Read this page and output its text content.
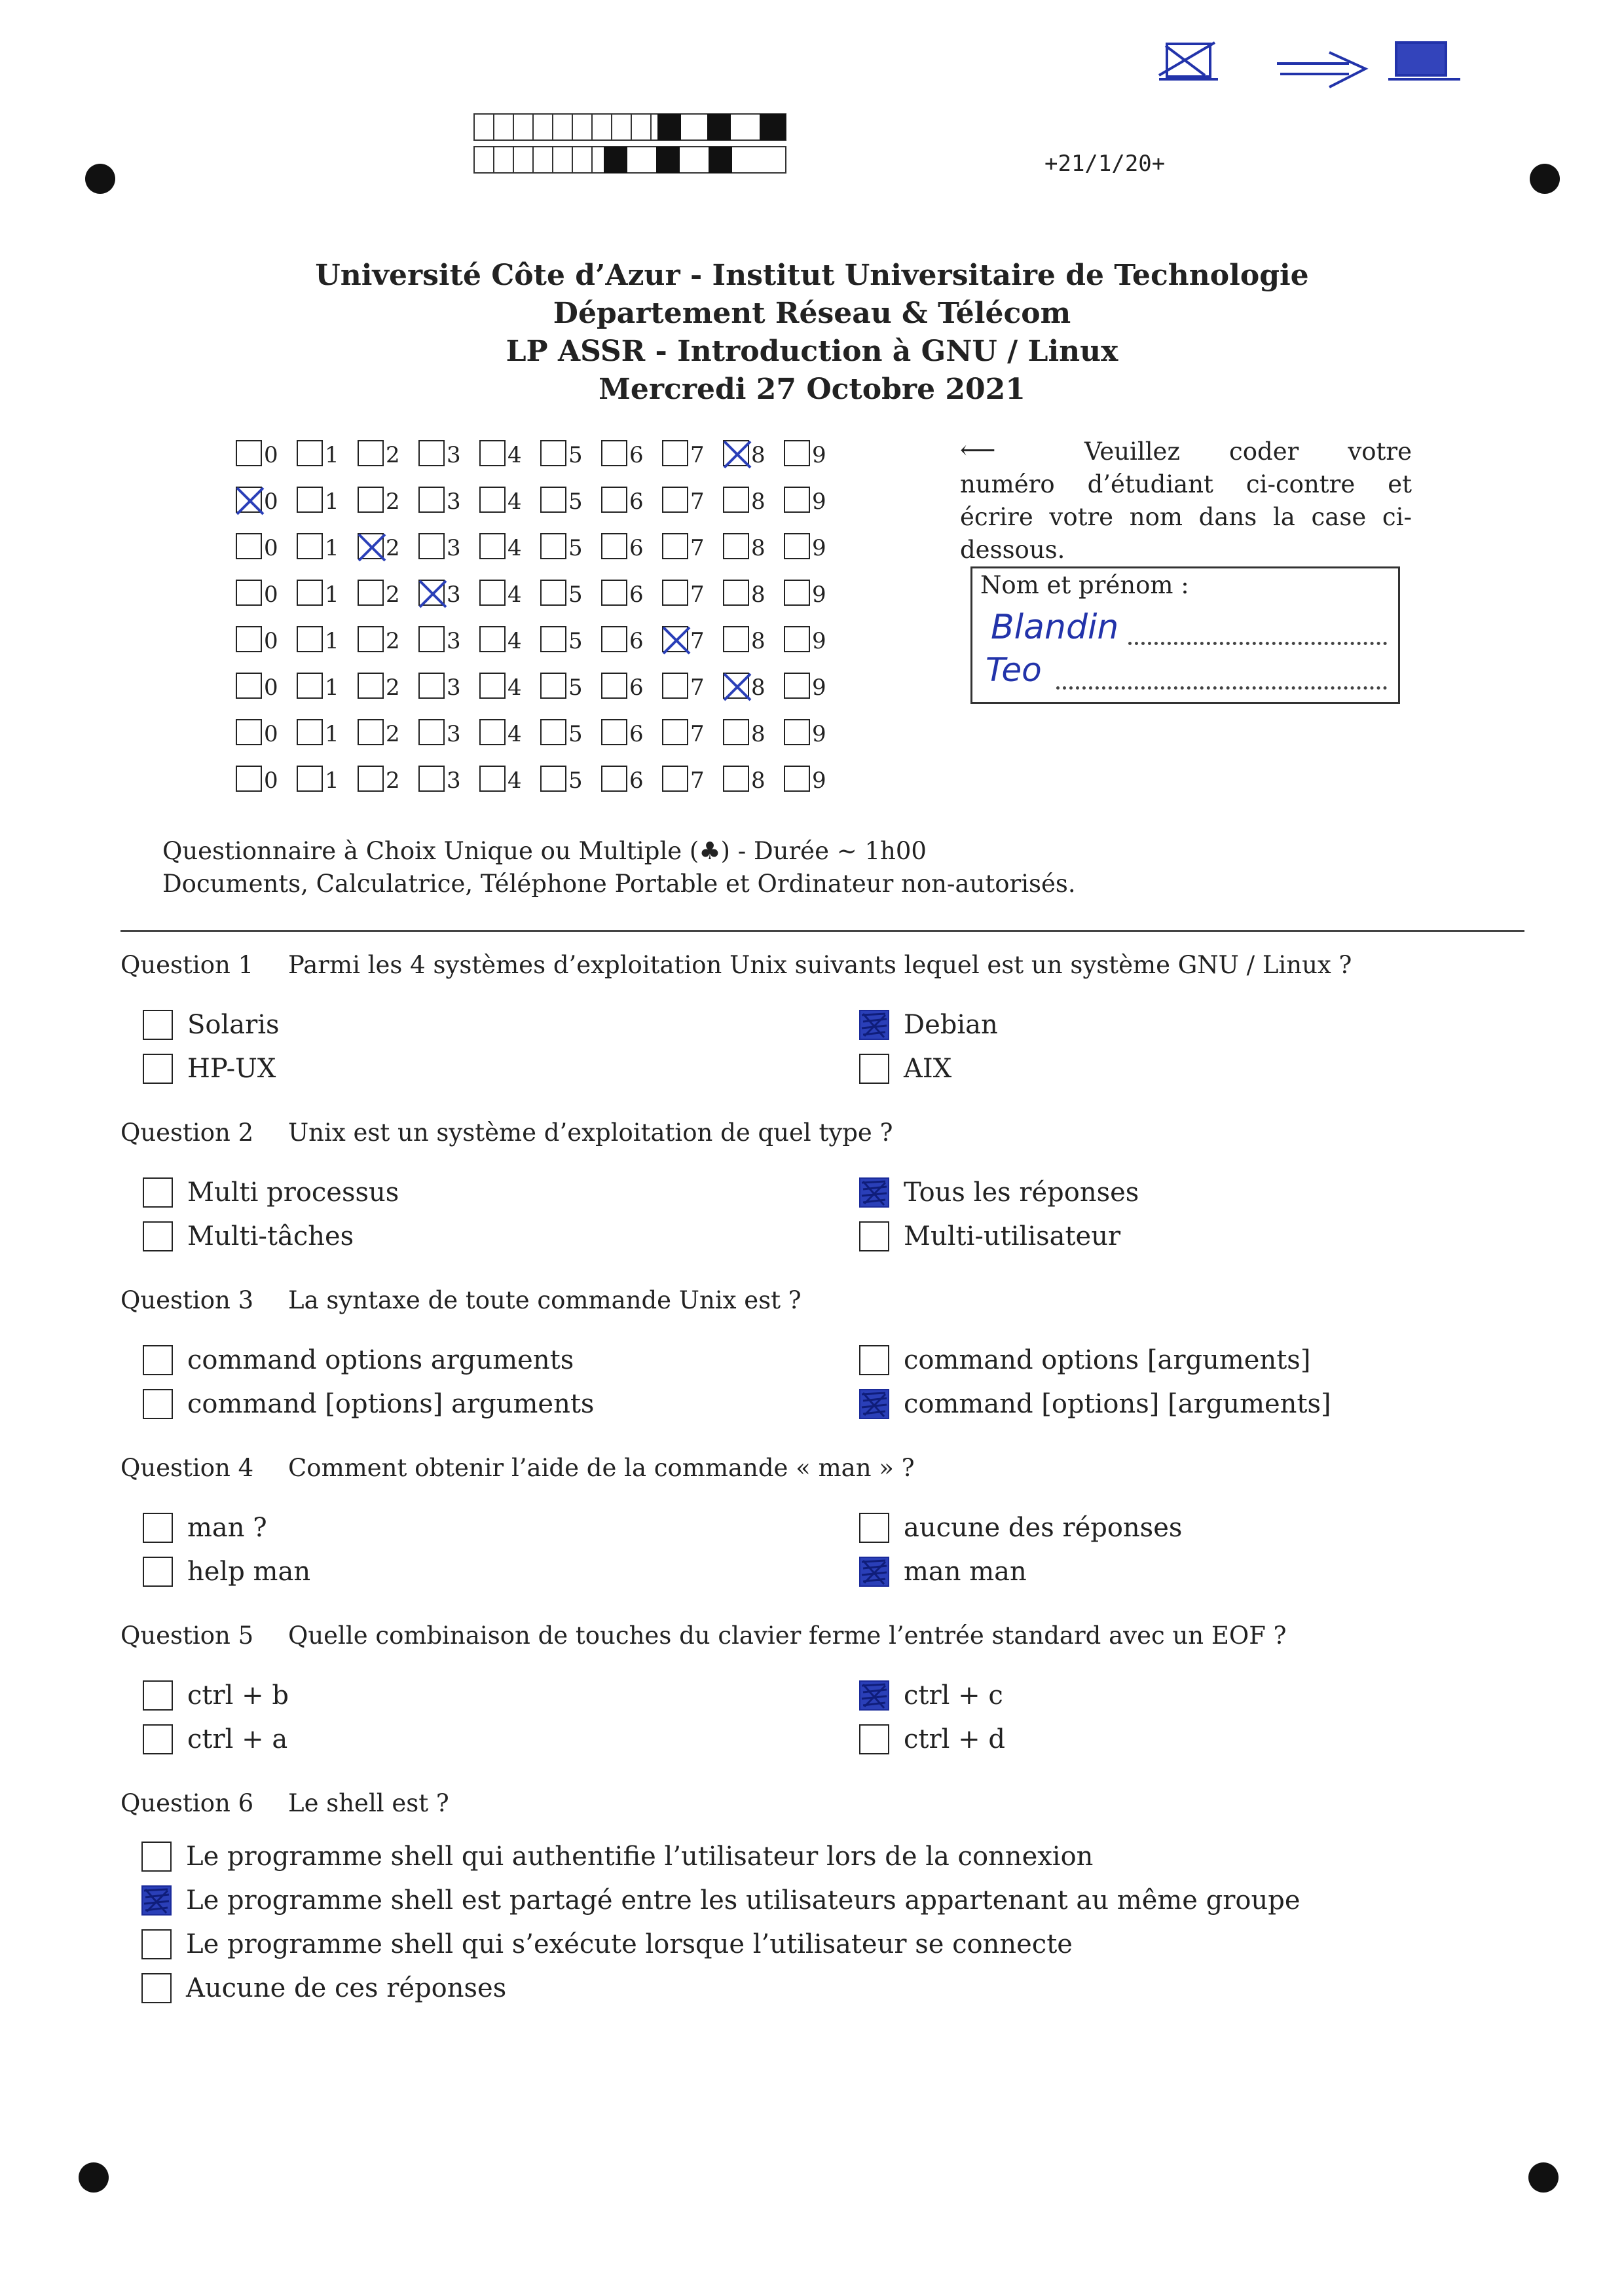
+21/1/20+
Université Côte d’Azur - Institut Universitaire de Technologie
Département Réseau & Télécom
LP ASSR - Introduction à GNU / Linux
Mercredi 27 Octobre 2021
0 1 2 3 4 5 6 7 8 9
0 1 2 3 4 5 6 7 8 9
0 1 2 3 4 5 6 7 8 9
0 1 2 3 4 5 6 7 8 9
0 1 2 3 4 5 6 7 8 9
0 1 2 3 4 5 6 7 8 9
0 1 2 3 4 5 6 7 8 9
0 1 2 3 4 5 6 7 8 9
⟵	Veuillez coder votre numéro d’étudiant ci-contre et écrire votre nom dans la case ci-dessous.
Nom et prénom :
Blandin
Teo
Questionnaire à Choix Unique ou Multiple (♣) - Durée ∼ 1h00
Documents, Calculatrice, Téléphone Portable et Ordinateur non-autorisés.
Question 1 Parmi les 4 systèmes d’exploitation Unix suivants lequel est un système GNU / Linux ?
Solaris
HP-UX
Debian
AIX
Question 2 Unix est un système d’exploitation de quel type ?
Multi processus
Multi-tâches
Tous les réponses
Multi-utilisateur
Question 3 La syntaxe de toute commande Unix est ?
command options arguments
command [options] arguments
command options [arguments]
command [options] [arguments]
Question 4 Comment obtenir l’aide de la commande « man » ?
man ?
help man
aucune des réponses
man man
Question 5 Quelle combinaison de touches du clavier ferme l’entrée standard avec un EOF ?
ctrl + b
ctrl + a
ctrl + c
ctrl + d
Question 6 Le shell est ?
Le programme shell qui authentifie l’utilisateur lors de la connexion
Le programme shell est partagé entre les utilisateurs appartenant au même groupe
Le programme shell qui s’exécute lorsque l’utilisateur se connecte
Aucune de ces réponses
